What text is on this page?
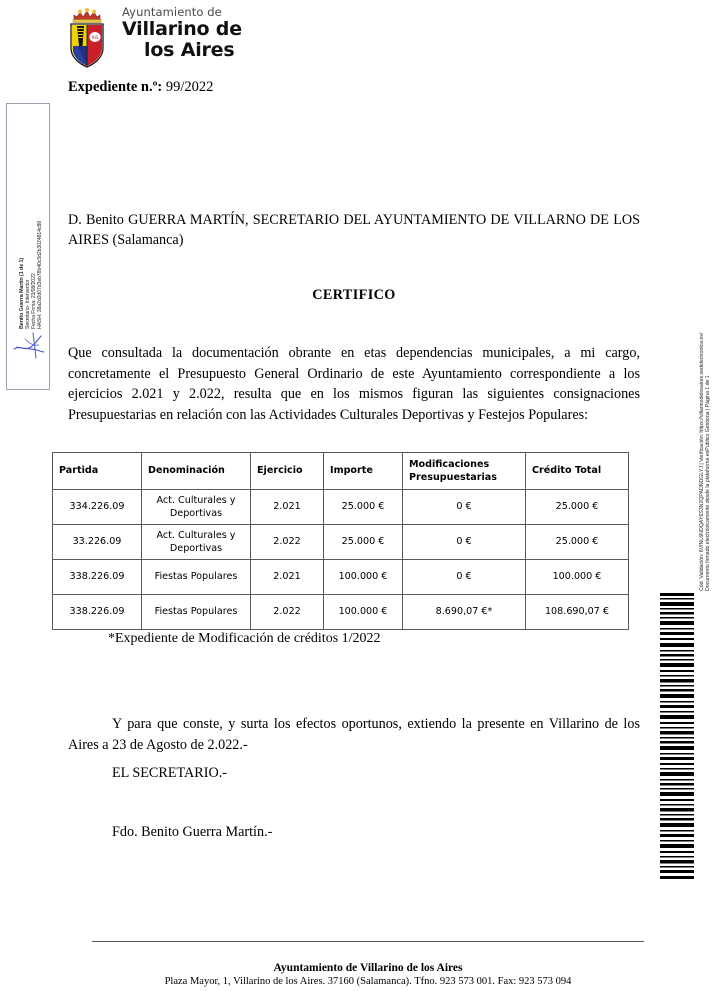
Benito Guerra Martín (1 de 1) Secretario- Interventor Fecha Firma: 23/08/2022 HASH: 38a2d2d07d3eb78b40c3d2b3024814c88
IHS
Ayuntamiento de
Villarino de
los Aires
Expediente n.º: 99/2022
D. Benito GUERRA MARTÍN, SECRETARIO DEL AYUNTAMIENTO DE VILLARNO DE LOS AIRES (Salamanca)
CERTIFICO
Que consultada la documentación obrante en etas dependencias municipales, a mi cargo, concretamente el Presupuesto General Ordinario de este Ayuntamiento correspondiente a los ejercicios 2.021 y 2.022, resulta que en los mismos figuran las siguientes consignaciones Presupuestarias en relación con las Actividades Culturales Deportivas y Festejos Populares:
Partida	Denominación	Ejercicio	Importe	Modificaciones Presupuestarias	Crédito Total
334.226.09	Act. Culturales y Deportivas	2.021	25.000 €	0 €	25.000 €
33.226.09	Act. Culturales y Deportivas	2.022	25.000 €	0 €	25.000 €
338.226.09	Fiestas Populares	2.021	100.000 €	0 €	100.000 €
338.226.09	Fiestas Populares	2.022	100.000 €	8.690,07 €*	108.690,07 €
*Expediente de Modificación de créditos 1/2022
Y para que conste, y surta los efectos oportunos, extiendo la presente en Villarino de los Aires a 23 de Agosto de 2.022.-
EL SECRETARIO.-
Fdo. Benito Guerra Martín.-
Cód. Validación: 6VfNL6NDQAY6S3N2QPADNDGLYJ | Verificación: https://villarinodelosaires.sedelectronica.es/ Documento firmado electrónicamente desde la plataforma esPublico Gestiona | Página 1 de 1
Ayuntamiento de Villarino de los Aires
Plaza Mayor, 1, Villarino de los Aires. 37160 (Salamanca). Tfno. 923 573 001. Fax: 923 573 094
